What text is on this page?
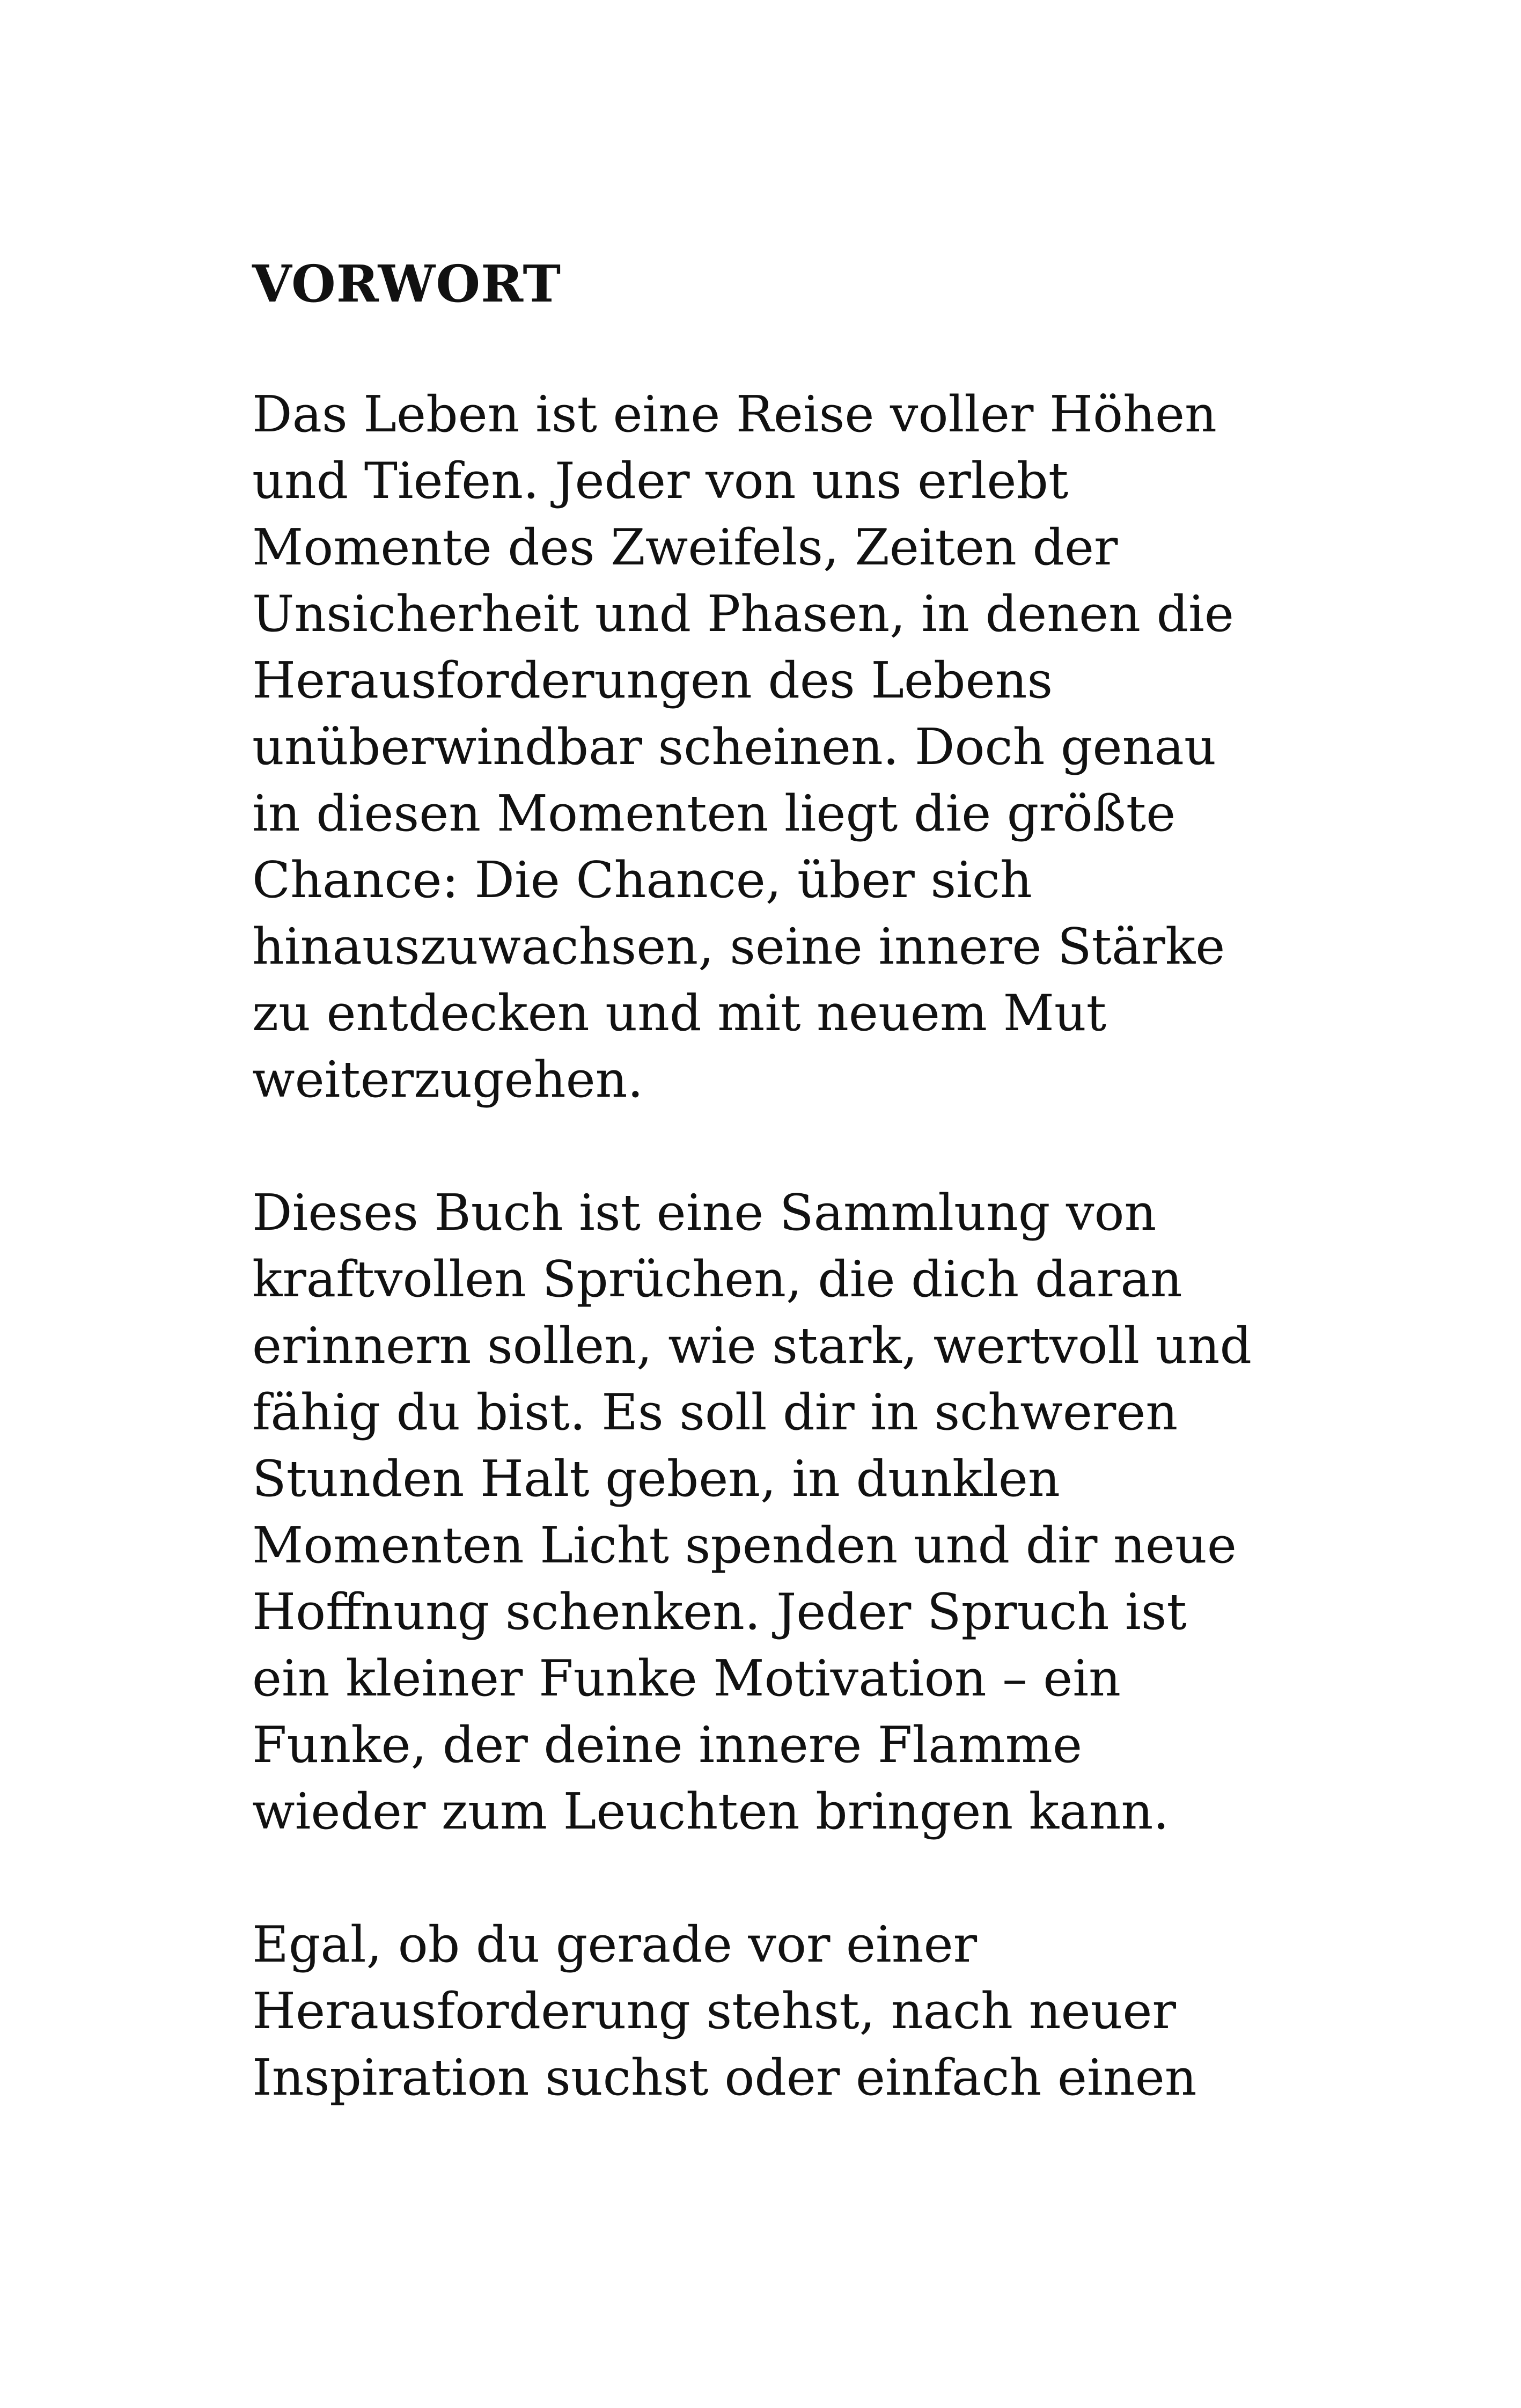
VORWORT

Das Leben ist eine Reise voller Höhen
und Tiefen. Jeder von uns erlebt
Momente des Zweifels, Zeiten der
Unsicherheit und Phasen, in denen die
Herausforderungen des Lebens
unüberwindbar scheinen. Doch genau
in diesen Momenten liegt die größte
Chance: Die Chance, über sich
hinauszuwachsen, seine innere Stärke
zu entdecken und mit neuem Mut
weiterzugehen.

Dieses Buch ist eine Sammlung von
kraftvollen Sprüchen, die dich daran
erinnern sollen, wie stark, wertvoll und
fähig du bist. Es soll dir in schweren
Stunden Halt geben, in dunklen
Momenten Licht spenden und dir neue
Hoffnung schenken. Jeder Spruch ist
ein kleiner Funke Motivation – ein
Funke, der deine innere Flamme
wieder zum Leuchten bringen kann.

Egal, ob du gerade vor einer
Herausforderung stehst, nach neuer
Inspiration suchst oder einfach einen
